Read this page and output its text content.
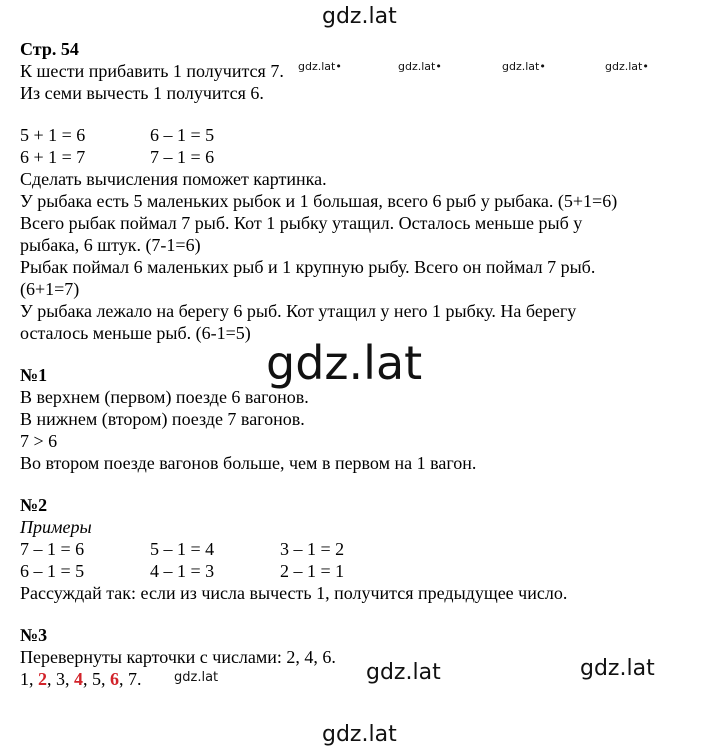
gdz.lat
gdz.lat•	gdz.lat•	gdz.lat•	gdz.lat•
gdz.lat
gdz.lat	gdz.lat
gdz.lat
gdz.lat
Стр. 54
К шести прибавить 1 получится 7.
Из семи вычесть 1 получится 6.
5 + 1 = 6	6 – 1 = 5
6 + 1 = 7	7 – 1 = 6
Сделать вычисления поможет картинка.
У рыбака есть 5 маленьких рыбок и 1 большая, всего 6 рыб у рыбака. (5+1=6)
Всего рыбак поймал 7 рыб. Кот 1 рыбку утащил. Осталось меньше рыб у
рыбака, 6 штук. (7-1=6)
Рыбак поймал 6 маленьких рыб и 1 крупную рыбу. Всего он поймал 7 рыб.
(6+1=7)
У рыбака лежало на берегу 6 рыб. Кот утащил у него 1 рыбку. На берегу
осталось меньше рыб. (6-1=5)
№1
В верхнем (первом) поезде 6 вагонов.
В нижнем (втором) поезде 7 вагонов.
7 > 6
Во втором поезде вагонов больше, чем в первом на 1 вагон.
№2
Примеры
7 – 1 = 6	5 – 1 = 4	3 – 1 = 2
6 – 1 = 5	4 – 1 = 3	2 – 1 = 1
Рассуждай так: если из числа вычесть 1, получится предыдущее число.
№3
Перевернуты карточки с числами: 2, 4, 6.
1, 2, 3, 4, 5, 6, 7.
